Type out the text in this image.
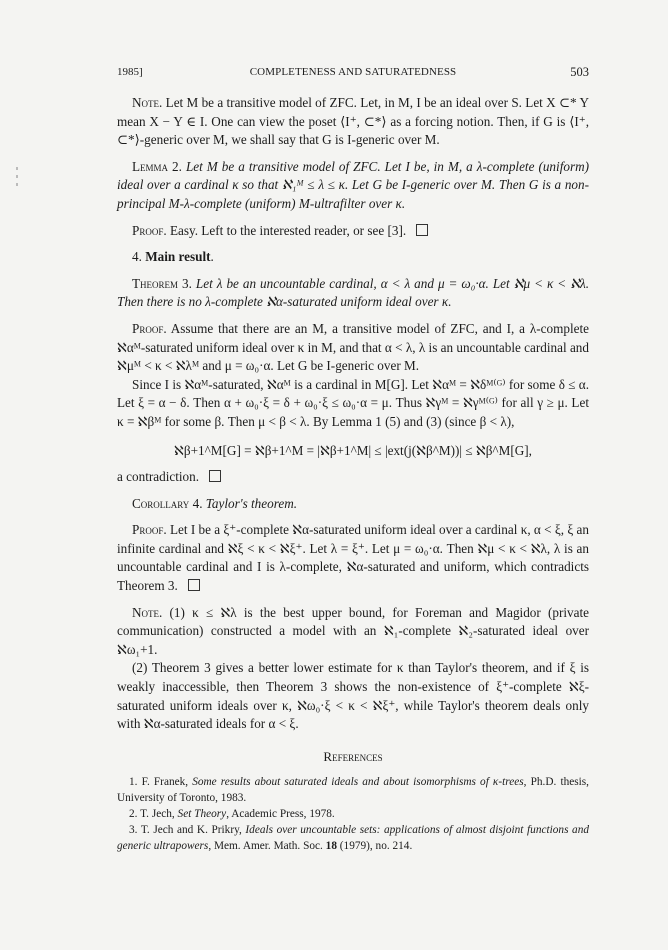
1985]	COMPLETENESS AND SATURATEDNESS	503

Note. Let M be a transitive model of ZFC. Let, in M, I be an ideal over S. Let X ⊂* Y mean X − Y ∈ I. One can view the poset ⟨I⁺, ⊂*⟩ as a forcing notion. Then, if G is ⟨I⁺, ⊂*⟩-generic over M, we shall say that G is I-generic over M.

Lemma 2. Let M be a transitive model of ZFC. Let I be, in M, a λ-complete (uniform) ideal over a cardinal κ so that ℵ₁ᴹ ≤ λ ≤ κ. Let G be I-generic over M. Then G is a non-principal M-λ-complete (uniform) M-ultrafilter over κ.

Proof. Easy. Left to the interested reader, or see [3].

4. Main result.

Theorem 3. Let λ be an uncountable cardinal, α < λ and μ = ω₀·α. Let ℵμ < κ < ℵλ. Then there is no λ-complete ℵα-saturated uniform ideal over κ.

Proof. Assume that there are an M, a transitive model of ZFC, and I, a λ-complete ℵαᴹ-saturated uniform ideal over κ in M, and that α < λ, λ is an uncountable cardinal and ℵμᴹ < κ < ℵλᴹ and μ = ω₀·α. Let G be I-generic over M.

Since I is ℵαᴹ-saturated, ℵαᴹ is a cardinal in M[G]. Let ℵαᴹ = ℵδᴹ⁽ᴳ⁾ for some δ ≤ α. Let ξ = α − δ. Then α + ω₀·ξ = δ + ω₀·ξ ≤ ω₀·α = μ. Thus ℵγᴹ = ℵγᴹ⁽ᴳ⁾ for all γ ≥ μ. Let κ = ℵβᴹ for some β. Then μ < β < λ. By Lemma 1 (5) and (3) (since β < λ),

ℵβ+1^M[G] = ℵβ+1^M = |ℵβ+1^M| ≤ |ext(j(ℵβ^M))| ≤ ℵβ^M[G],

a contradiction.

Corollary 4. Taylor's theorem.

Proof. Let I be a ξ⁺-complete ℵα-saturated uniform ideal over a cardinal κ, α < ξ, ξ an infinite cardinal and ℵξ < κ < ℵξ⁺. Let λ = ξ⁺. Let μ = ω₀·α. Then ℵμ < κ < ℵλ, λ is an uncountable cardinal and I is λ-complete, ℵα-saturated and uniform, which contradicts Theorem 3.

Note. (1) κ ≤ ℵλ is the best upper bound, for Foreman and Magidor (private communication) constructed a model with an ℵ₁-complete ℵ₂-saturated ideal over ℵω₁+1.

(2) Theorem 3 gives a better lower estimate for κ than Taylor's theorem, and if ξ is weakly inaccessible, then Theorem 3 shows the non-existence of ξ⁺-complete ℵξ-saturated uniform ideals over κ, ℵω₀·ξ < κ < ℵξ⁺, while Taylor's theorem deals only with ℵα-saturated ideals for α < ξ.

References

1. F. Franek, Some results about saturated ideals and about isomorphisms of κ-trees, Ph.D. thesis, University of Toronto, 1983.

2. T. Jech, Set Theory, Academic Press, 1978.

3. T. Jech and K. Prikry, Ideals over uncountable sets: applications of almost disjoint functions and generic ultrapowers, Mem. Amer. Math. Soc. 18 (1979), no. 214.
